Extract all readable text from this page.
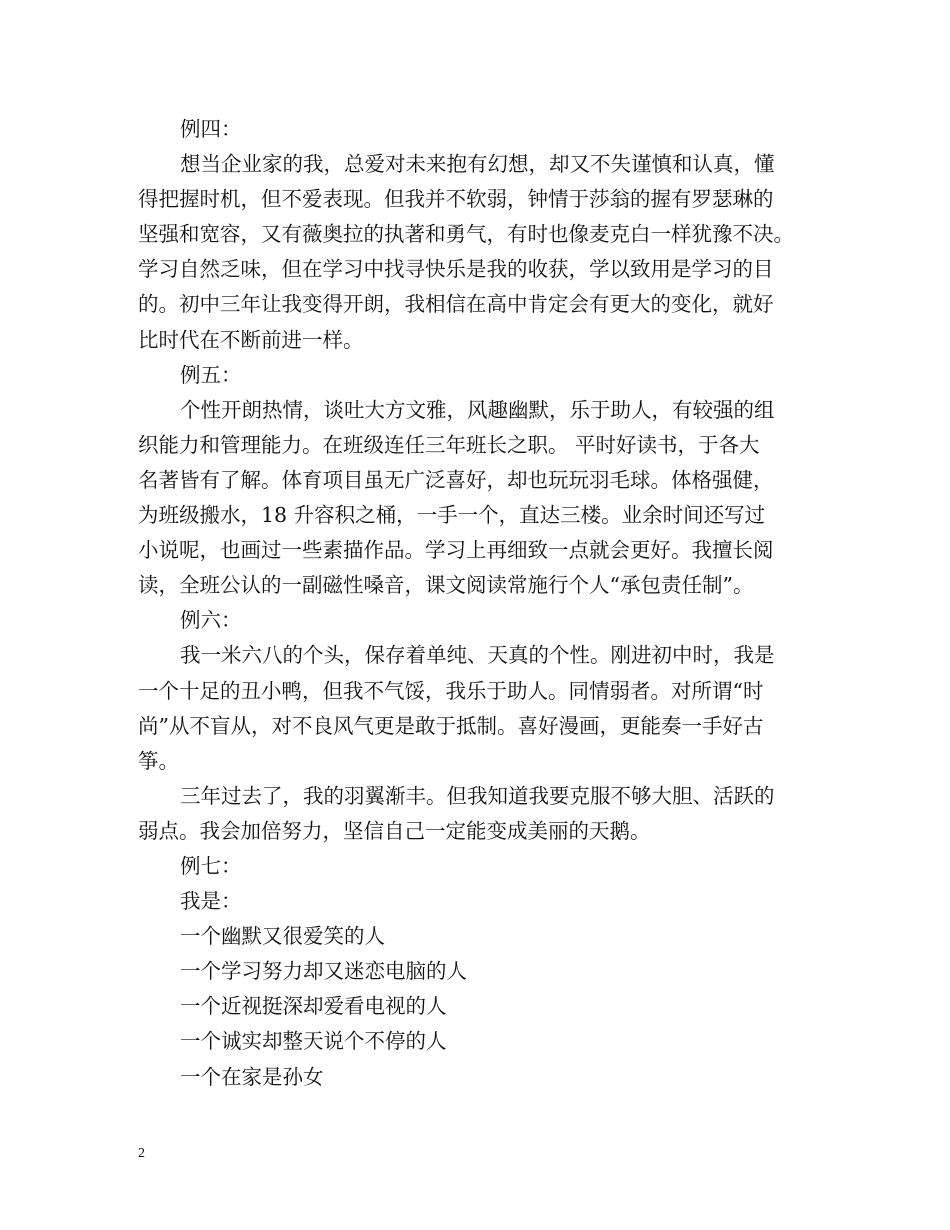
例四：
想当企业家的我，总爱对未来抱有幻想，却又不失谨慎和认真，懂
得把握时机，但不爱表现。但我并不软弱，钟情于莎翁的握有罗瑟琳的
坚强和宽容，又有薇奥拉的执著和勇气，有时也像麦克白一样犹豫不决。
学习自然乏味，但在学习中找寻快乐是我的收获，学以致用是学习的目
的。初中三年让我变得开朗，我相信在高中肯定会有更大的变化，就好
比时代在不断前进一样。
例五：
个性开朗热情，谈吐大方文雅，风趣幽默，乐于助人，有较强的组
织能力和管理能力。在班级连任三年班长之职。 平时好读书，于各大
名著皆有了解。体育项目虽无广泛喜好，却也玩玩羽毛球。体格强健，
为班级搬水，18 升容积之桶，一手一个，直达三楼。业余时间还写过
小说呢，也画过一些素描作品。学习上再细致一点就会更好。我擅长阅
读，全班公认的一副磁性嗓音，课文阅读常施行个人“承包责任制”。
例六：
我一米六八的个头，保存着单纯、天真的个性。刚进初中时，我是
一个十足的丑小鸭，但我不气馁，我乐于助人。同情弱者。对所谓“时
尚”从不盲从，对不良风气更是敢于抵制。喜好漫画，更能奏一手好古
筝。
三年过去了，我的羽翼渐丰。但我知道我要克服不够大胆、活跃的
弱点。我会加倍努力，坚信自己一定能变成美丽的天鹅。
例七：
我是：
一个幽默又很爱笑的人
一个学习努力却又迷恋电脑的人
一个近视挺深却爱看电视的人
一个诚实却整天说个不停的人
一个在家是孙女
2
